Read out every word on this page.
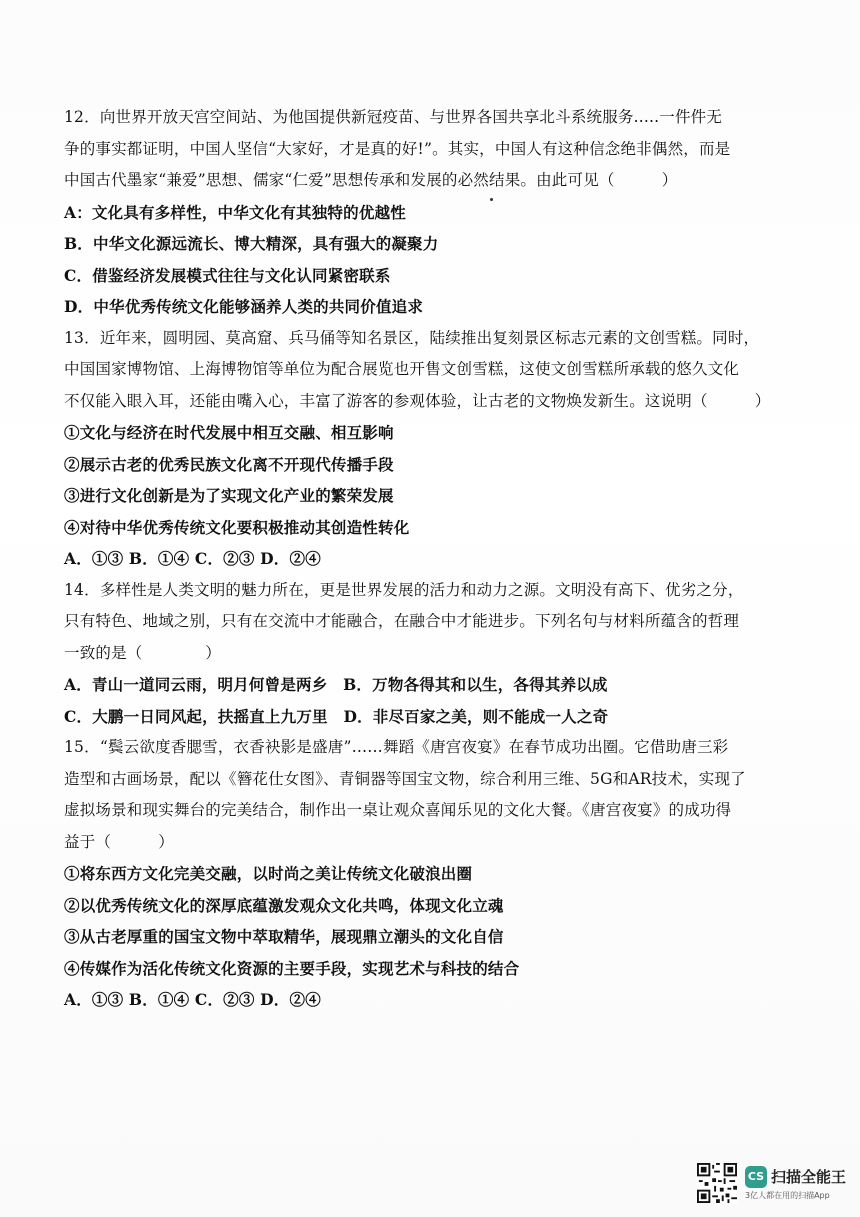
12．向世界开放天宫空间站、为他国提供新冠疫苗、与世界各国共享北斗系统服务.....一件件无
争的事实都证明，中国人坚信“大家好，才是真的好!”。其实，中国人有这种信念绝非偶然，而是
中国古代墨家“兼爱”思想、儒家“仁爱”思想传承和发展的必然结果。由此可见（　　　）
A：文化具有多样性，中华文化有其独特的优越性
B．中华文化源远流长、博大精深，具有强大的凝聚力
C．借鉴经济发展模式往往与文化认同紧密联系
D．中华优秀传统文化能够涵养人类的共同价值追求
13．近年来，圆明园、莫高窟、兵马俑等知名景区，陆续推出复刻景区标志元素的文创雪糕。同时，
中国国家博物馆、上海博物馆等单位为配合展览也开售文创雪糕，这使文创雪糕所承载的悠久文化
不仅能入眼入耳，还能由嘴入心，丰富了游客的参观体验，让古老的文物焕发新生。这说明（　　　）
①文化与经济在时代发展中相互交融、相互影响
②展示古老的优秀民族文化离不开现代传播手段
③进行文化创新是为了实现文化产业的繁荣发展
④对待中华优秀传统文化要积极推动其创造性转化
A．①③ B．①④ C．②③ D．②④
14．多样性是人类文明的魅力所在，更是世界发展的活力和动力之源。文明没有高下、优劣之分，
只有特色、地域之别，只有在交流中才能融合，在融合中才能进步。下列名句与材料所蕴含的哲理
一致的是（　　　　）
A．青山一道同云雨，明月何曾是两乡　B．万物各得其和以生，各得其养以成
C．大鹏一日同风起，扶摇直上九万里　D．非尽百家之美，则不能成一人之奇
15．“鬓云欲度香腮雪，衣香袂影是盛唐”……舞蹈《唐宫夜宴》在春节成功出圈。它借助唐三彩
造型和古画场景，配以《簪花仕女图》、青铜器等国宝文物，综合利用三维、5G和AR技术，实现了
虚拟场景和现实舞台的完美结合，制作出一桌让观众喜闻乐见的文化大餐。《唐宫夜宴》的成功得
益于（　　　）
①将东西方文化完美交融，以时尚之美让传统文化破浪出圈
②以优秀传统文化的深厚底蕴激发观众文化共鸣，体现文化立魂
③从古老厚重的国宝文物中萃取精华，展现鼎立潮头的文化自信
④传媒作为活化传统文化资源的主要手段，实现艺术与科技的结合
A．①③ B．①④ C．②③ D．②④
CS 扫描全能王
3亿人都在用的扫描App
